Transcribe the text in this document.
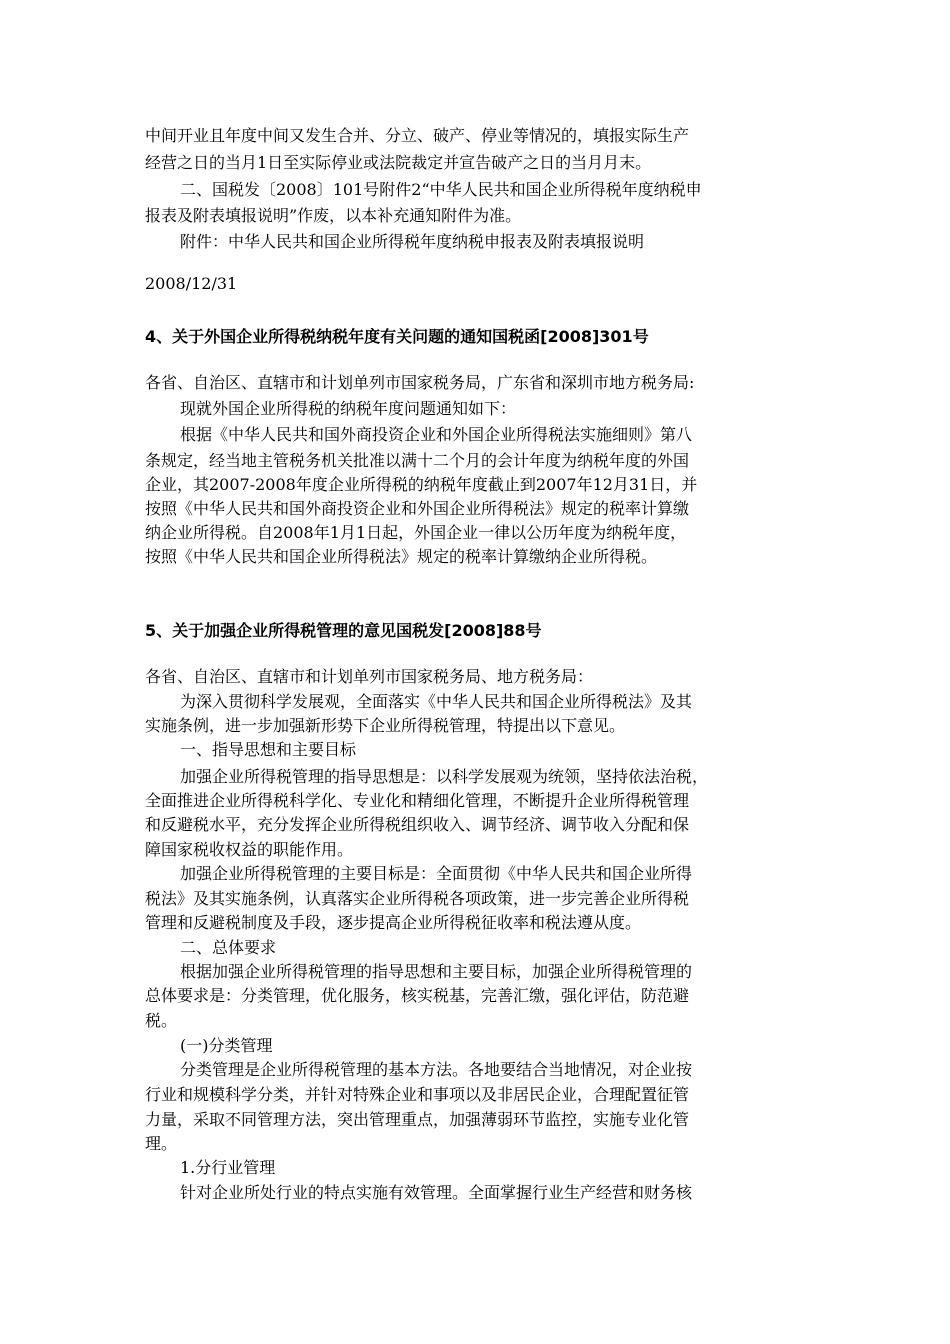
中间开业且年度中间又发生合并、分立、破产、停业等情况的，填报实际生产
经营之日的当月1日至实际停业或法院裁定并宣告破产之日的当月月末。
二、国税发〔2008〕101号附件2“中华人民共和国企业所得税年度纳税申
报表及附表填报说明”作废，以本补充通知附件为准。
附件：中华人民共和国企业所得税年度纳税申报表及附表填报说明
2008/12/31
4、关于外国企业所得税纳税年度有关问题的通知国税函[2008]301号
各省、自治区、直辖市和计划单列市国家税务局，广东省和深圳市地方税务局:
现就外国企业所得税的纳税年度问题通知如下：
根据《中华人民共和国外商投资企业和外国企业所得税法实施细则》第八
条规定，经当地主管税务机关批准以满十二个月的会计年度为纳税年度的外国
企业，其2007-2008年度企业所得税的纳税年度截止到2007年12月31日，并
按照《中华人民共和国外商投资企业和外国企业所得税法》规定的税率计算缴
纳企业所得税。自2008年1月1日起，外国企业一律以公历年度为纳税年度，
按照《中华人民共和国企业所得税法》规定的税率计算缴纳企业所得税。
5、关于加强企业所得税管理的意见国税发[2008]88号
各省、自治区、直辖市和计划单列市国家税务局、地方税务局：
为深入贯彻科学发展观，全面落实《中华人民共和国企业所得税法》及其
实施条例，进一步加强新形势下企业所得税管理，特提出以下意见。
一、指导思想和主要目标
加强企业所得税管理的指导思想是：以科学发展观为统领，坚持依法治税，
全面推进企业所得税科学化、专业化和精细化管理，不断提升企业所得税管理
和反避税水平，充分发挥企业所得税组织收入、调节经济、调节收入分配和保
障国家税收权益的职能作用。
加强企业所得税管理的主要目标是：全面贯彻《中华人民共和国企业所得
税法》及其实施条例，认真落实企业所得税各项政策，进一步完善企业所得税
管理和反避税制度及手段，逐步提高企业所得税征收率和税法遵从度。
二、总体要求
根据加强企业所得税管理的指导思想和主要目标，加强企业所得税管理的
总体要求是：分类管理，优化服务，核实税基，完善汇缴，强化评估，防范避
税。
(一)分类管理
分类管理是企业所得税管理的基本方法。各地要结合当地情况，对企业按
行业和规模科学分类，并针对特殊企业和事项以及非居民企业，合理配置征管
力量，采取不同管理方法，突出管理重点，加强薄弱环节监控，实施专业化管
理。
1.分行业管理
针对企业所处行业的特点实施有效管理。全面掌握行业生产经营和财务核
